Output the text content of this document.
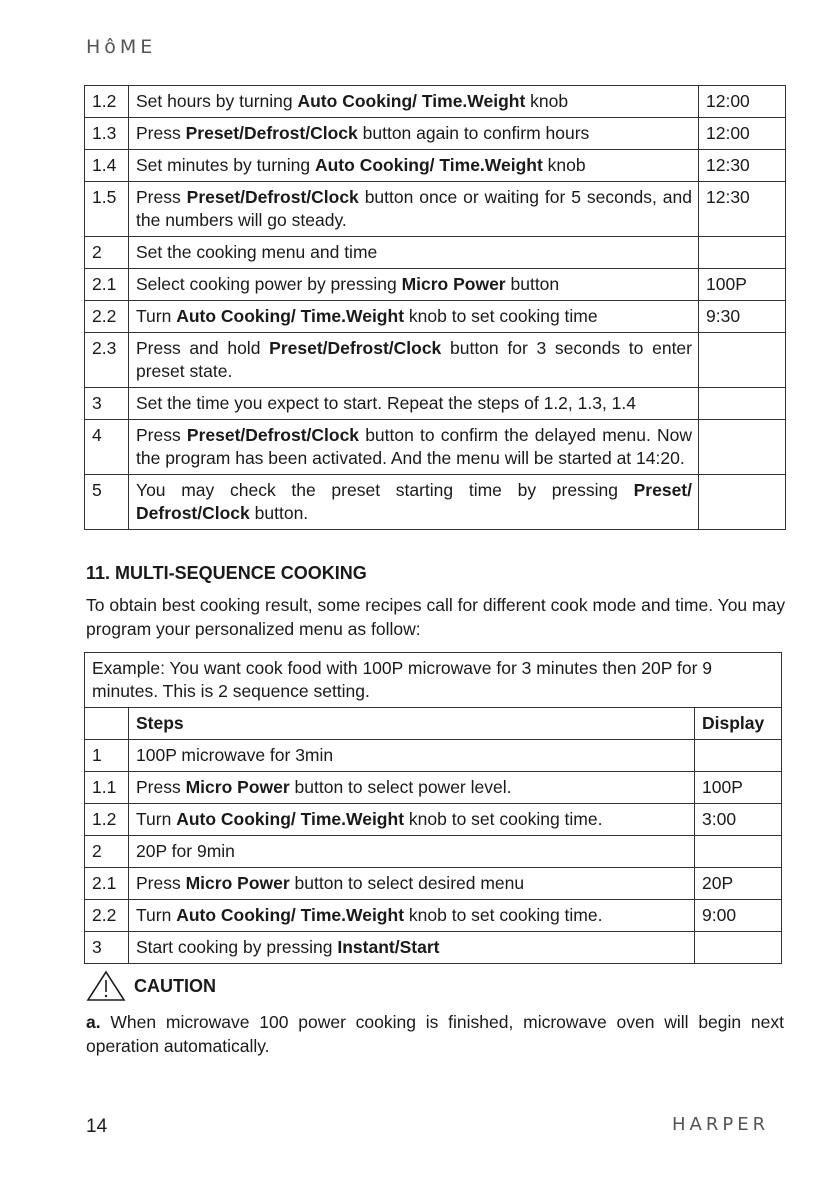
HôME
1.2	Set hours by turning Auto Cooking/ Time.Weight knob	12:00
1.3	Press Preset/Defrost/Clock button again to confirm hours	12:00
1.4	Set minutes by turning Auto Cooking/ Time.Weight knob	12:30
1.5	Press Preset/Defrost/Clock button once or waiting for 5 seconds, and the numbers will go steady.	12:30
2	Set the cooking menu and time	
2.1	Select cooking power by pressing Micro Power button	100P
2.2	Turn Auto Cooking/ Time.Weight knob to set cooking time	9:30
2.3	Press and hold Preset/Defrost/Clock button for 3 seconds to enter preset state.	
3	Set the time you expect to start. Repeat the steps of 1.2, 1.3, 1.4	
4	Press Preset/Defrost/Clock button to confirm the delayed menu. Now the program has been activated. And the menu will be started at 14:20.	
5	You may check the preset starting time by pressing Preset/ Defrost/Clock button.	
11. MULTI-SEQUENCE COOKING

To obtain best cooking result, some recipes call for different cook mode and time. You may program your personalized menu as follow:

Example: You want cook food with 100P microwave for 3 minutes then 20P for 9 minutes. This is 2 sequence setting.		
	Steps	Display
1	100P microwave for 3min	
1.1	Press Micro Power button to select power level.	100P
1.2	Turn Auto Cooking/ Time.Weight knob to set cooking time.	3:00
2	20P for 9min	
2.1	Press Micro Power button to select desired menu	20P
2.2	Turn Auto Cooking/ Time.Weight knob to set cooking time.	9:00
3	Start cooking by pressing Instant/Start	
CAUTION

a. When microwave 100 power cooking is finished, microwave oven will begin next operation automatically.

14	HARPER
